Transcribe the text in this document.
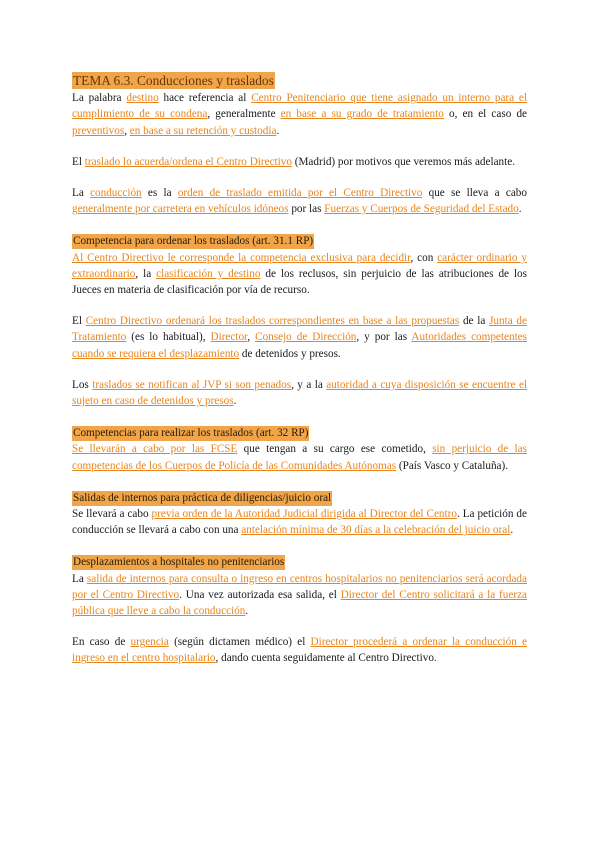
TEMA 6.3. Conducciones y traslados

La palabra destino hace referencia al Centro Penitenciario que tiene asignado un interno para el cumplimiento de su condena, generalmente en base a su grado de tratamiento o, en el caso de preventivos, en base a su retención y custodia.

El traslado lo acuerda/ordena el Centro Directivo (Madrid) por motivos que veremos más adelante.

La conducción es la orden de traslado emitida por el Centro Directivo que se lleva a cabo generalmente por carretera en vehículos idóneos por las Fuerzas y Cuerpos de Seguridad del Estado.

Competencia para ordenar los traslados (art. 31.1 RP)

Al Centro Directivo le corresponde la competencia exclusiva para decidir, con carácter ordinario y extraordinario, la clasificación y destino de los reclusos, sin perjuicio de las atribuciones de los Jueces en materia de clasificación por vía de recurso.

El Centro Directivo ordenará los traslados correspondientes en base a las propuestas de la Junta de Tratamiento (es lo habitual), Director, Consejo de Dirección, y por las Autoridades competentes cuando se requiera el desplazamiento de detenidos y presos.

Los traslados se notifican al JVP si son penados, y a la autoridad a cuya disposición se encuentre el sujeto en caso de detenidos y presos.

Competencias para realizar los traslados (art. 32 RP)

Se llevarán a cabo por las FCSE que tengan a su cargo ese cometido, sin perjuicio de las competencias de los Cuerpos de Policía de las Comunidades Autónomas (País Vasco y Cataluña).

Salidas de internos para práctica de diligencias/juicio oral

Se llevará a cabo previa orden de la Autoridad Judicial dirigida al Director del Centro. La petición de conducción se llevará a cabo con una antelación mínima de 30 días a la celebración del juicio oral.

Desplazamientos a hospitales no penitenciarios

La salida de internos para consulta o ingreso en centros hospitalarios no penitenciarios será acordada por el Centro Directivo. Una vez autorizada esa salida, el Director del Centro solicitará a la fuerza pública que lleve a cabo la conducción.

En caso de urgencia (según dictamen médico) el Director procederá a ordenar la conducción e ingreso en el centro hospitalario, dando cuenta seguidamente al Centro Directivo.
